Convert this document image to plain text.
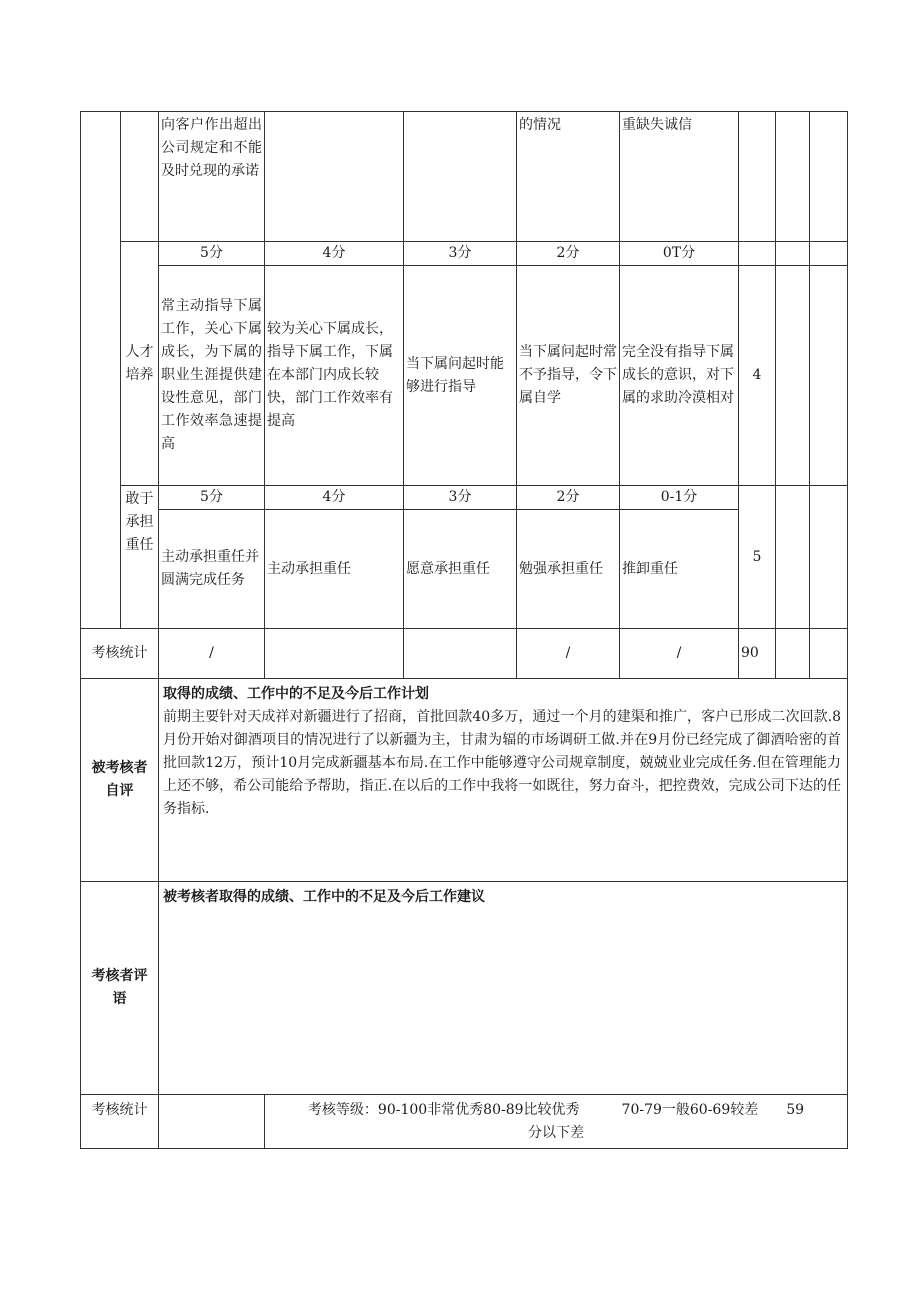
		向客户作出超出公司规定和不能及时兑现的承诺			的情况	重缺失诚信			
	人才培养	5分	4分	3分	2分	0T分			
		常主动指导下属工作，关心下属成长，为下属的职业生涯提供建设性意见，部门工作效率急速提高	较为关心下属成长，指导下属工作，下属在本部门内成长较快，部门工作效率有提高	当下属问起时能够进行指导	当下属问起时常不予指导，令下属自学	完全没有指导下属成长的意识，对下属的求助冷漠相对	4		
	敢于承担重任	5分	4分	3分	2分	0-1分	5		
		主动承担重任并圆满完成任务	主动承担重任	愿意承担重任	勉强承担重任	推卸重任			
考核统计		/			/	/	90		
被考核者自评		取得的成绩、工作中的不足及今后工作计划
前期主要针对天成祥对新疆进行了招商，首批回款40多万，通过一个月的建渠和推广，客户已形成二次回款.8月份开始对御酒项目的情况进行了以新疆为主，甘肃为辐的市场调研工做.并在9月份已经完成了御酒哈密的首批回款12万，预计10月完成新疆基本布局.在工作中能够遵守公司规章制度，兢兢业业完成任务.但在管理能力上还不够，希公司能给予帮助，指正.在以后的工作中我将一如既往，努力奋斗，把控费效，完成公司下达的任务指标.							

考核者评语		被考核者取得的成绩、工作中的不足及今后工作建议							

考核统计			考核等级：90-100非常优秀80-89比较优秀　　　70-79一般60-69较差　　59
分以下差						
